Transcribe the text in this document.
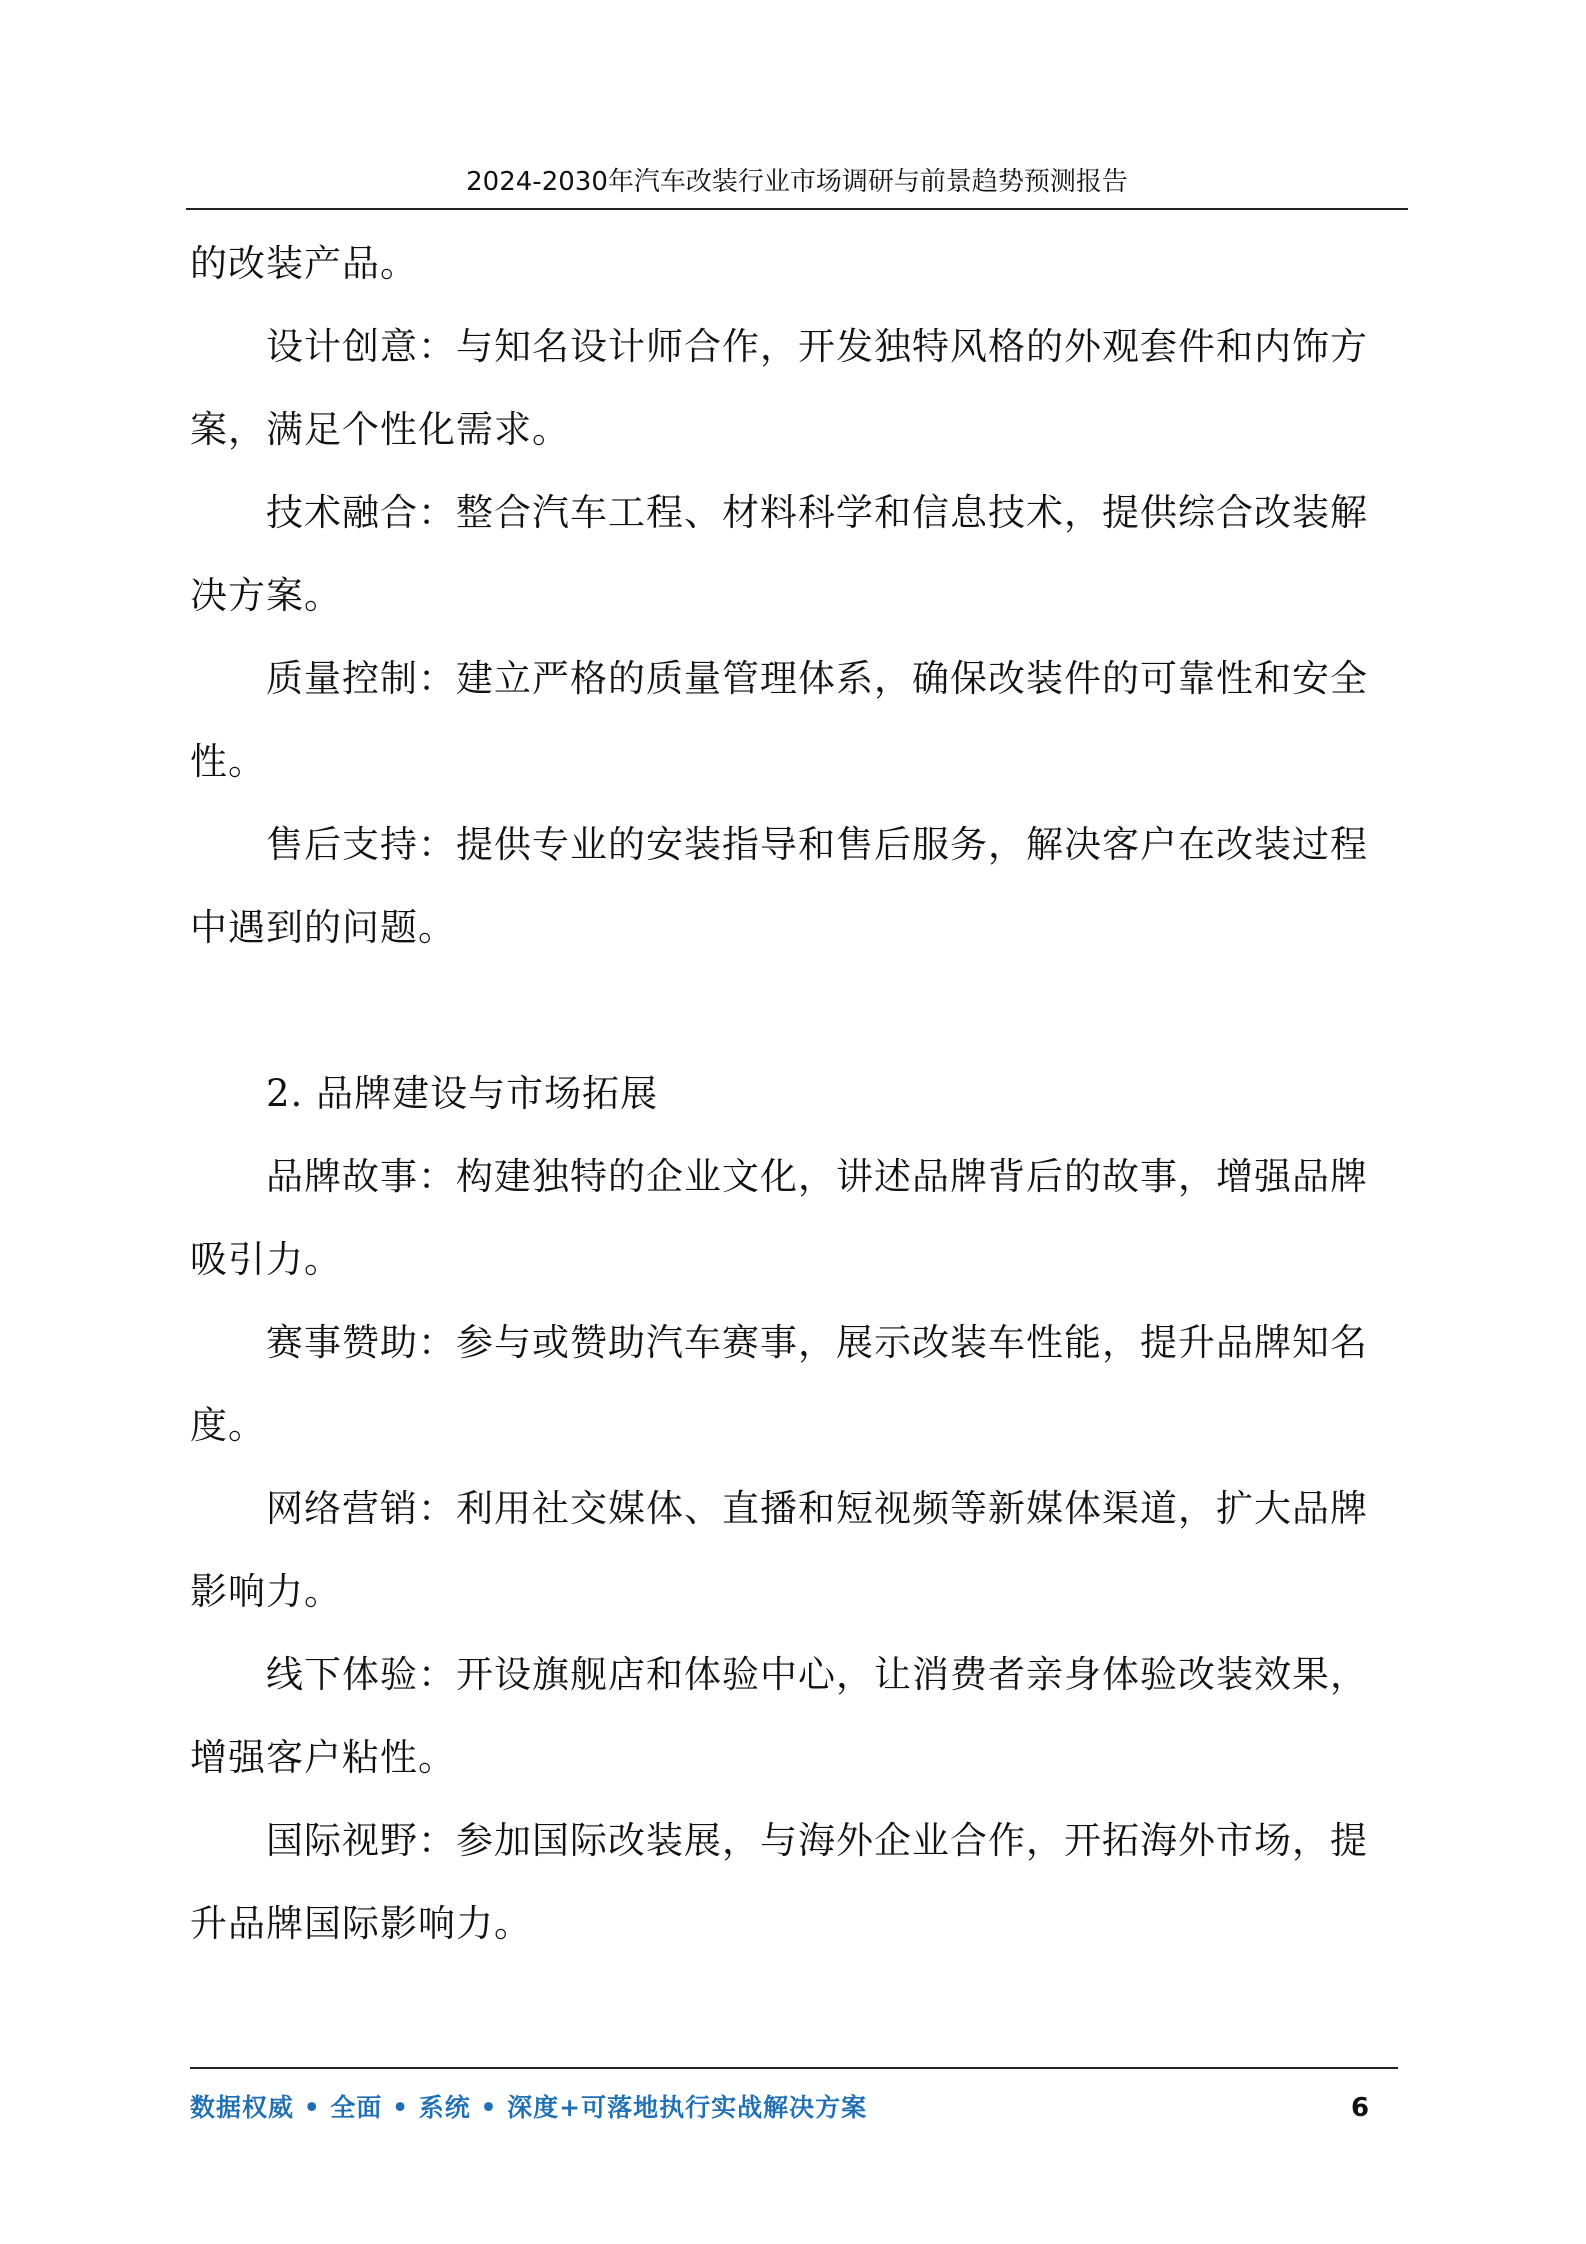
2024-2030年汽车改装行业市场调研与前景趋势预测报告

的改装产品。

设计创意：与知名设计师合作，开发独特风格的外观套件和内饰方案，满足个性化需求。

技术融合：整合汽车工程、材料科学和信息技术，提供综合改装解决方案。

质量控制：建立严格的质量管理体系，确保改装件的可靠性和安全性。

售后支持：提供专业的安装指导和售后服务，解决客户在改装过程中遇到的问题。

2. 品牌建设与市场拓展

品牌故事：构建独特的企业文化，讲述品牌背后的故事，增强品牌吸引力。

赛事赞助：参与或赞助汽车赛事，展示改装车性能，提升品牌知名度。

网络营销：利用社交媒体、直播和短视频等新媒体渠道，扩大品牌影响力。

线下体验：开设旗舰店和体验中心，让消费者亲身体验改装效果，增强客户粘性。

国际视野：参加国际改装展，与海外企业合作，开拓海外市场，提升品牌国际影响力。

数据权威 • 全面 • 系统 • 深度+可落地执行实战解决方案	6
